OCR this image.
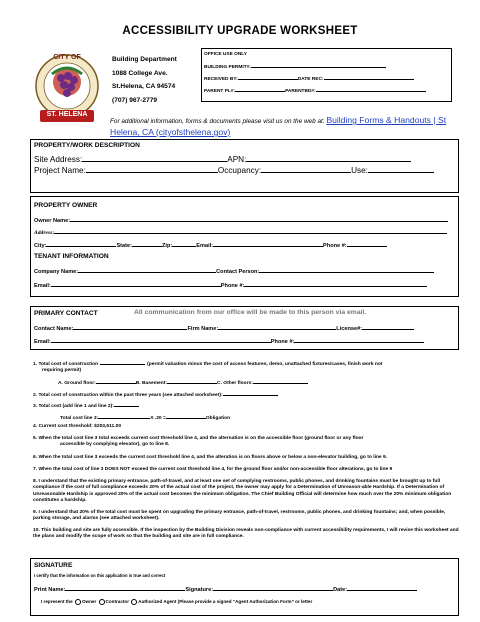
ACCESSIBILITY UPGRADE WORKSHEET
CITY OF
ST. HELENA
Building Department
1088 College Ave.
St.Helena, CA 94574
(707) 967-2779
OFFICE USE ONLY
BUILDING PERMIT#:
RECEIVED BY:	DATE REC:
PARENT PL#:	PARENTBD#:
For additional information, forms & documents please visit us on the web at: Building Forms & Handouts | St Helena, CA (cityofsthelena.gov)
PROPERTY/WORK DESCRIPTION
Site Address:	APN:
Project Name:	Occupancy:	Use:
PROPERTY OWNER
Owner Name:
Address:
City:	State:	Zip:	Email:	Phone #:
TENANT INFORMATION
Company Name:	Contact Person:
Email:	Phone #:
PRIMARY CONTACT	All communication from our office will be made to this person via email.
Contact Name:	Firm Name:	License#:
Email:	Phone #:
1. Total cost of construction	(permit valuation minus the cost of access features, demo, unattached fixtures/cases, finish work not
requiring permit)
A. Ground floor:	B. Basement:	C. Other floors:
2. Total cost of construction within the past three years (see attached worksheet):
3. Total cost (add line 1 and line 2):
Total cost line 3:	X .20 =	Obligation
4. Current cost threshold: $203,611.00
5. When the total cost line 3 total exceeds current cost threshold line 4, and the alternation is on the accessible floor (ground floor or any floor
accessible by complying elevator), go to line 8.
6. When the total cost line 3 exceeds the current cost threshold line 4, and the alteration is on floors above or below a non-elevator building, go to line 9.
7. When the total cost of line 3 DOES NOT exceed the current cost threshold line 4, for the ground floor and/or non-accessible floor alterations, go to line 9
8. I understand that the existing primary entrance, path-of-travel, and at least one set of complying restrooms, public phones, and drinking fountains must be brought up to full compliance if the cost of full compliance exceeds 20% of the actual cost of the project, the owner may apply for a Determination of Unreason-able Hardship. If a Determination of Unreasonable Hardship is approved 20% of the actual cost becomes the minimum obligation. The Chief Building Official will determine how much over the 20% minimum obligation constitutes a hardship.
9. I understand that 20% of the total cost must be spent on upgrading the primary entrance, path-of-travel, restrooms, public phones, and drinking fountains; and, when possible, parking storage, and alarms (see attached worksheet).
10. This building and site are fully accessible. If the inspection by the Building Division reveals non-compliance with current accessibility requirements, I will revise this worksheet and the plans and modify the scope of work so that the building and site are in full compliance.
SIGNATURE
I certify that the information on this application is true and correct
Print Name:	Signature:	Date:
I represent the Owner Contractor Authorized Agent (Please provide a signed “Agent Authorization Form” or letter
